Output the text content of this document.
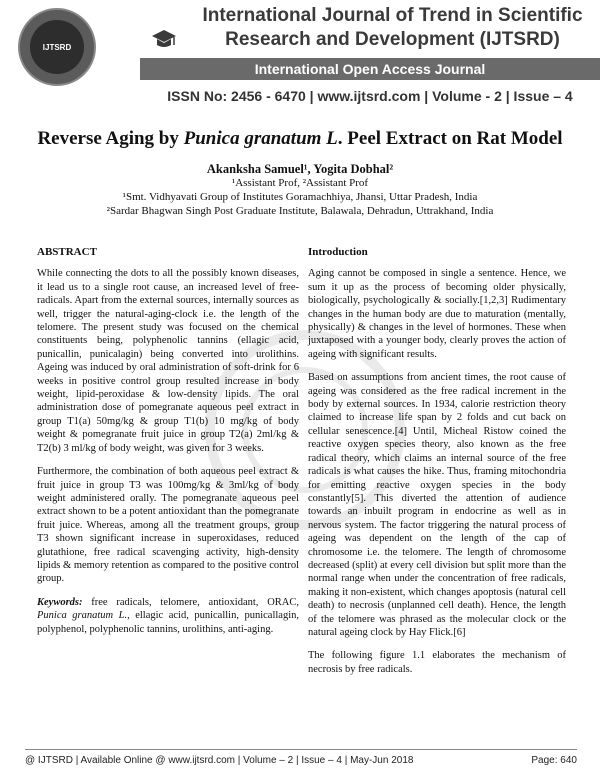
IJTSRD
International Journal of Trend in Scientific Research and Development (IJTSRD)
International Open Access Journal
ISSN No: 2456 - 6470 | www.ijtsrd.com | Volume - 2 | Issue – 4
Reverse Aging by Punica granatum L. Peel Extract on Rat Model
Akanksha Samuel¹, Yogita Dobhal²
¹Assistant Prof, ²Assistant Prof
¹Smt. Vidhyavati Group of Institutes Goramachhiya, Jhansi, Uttar Pradesh, India
²Sardar Bhagwan Singh Post Graduate Institute, Balawala, Dehradun, Uttrakhand, India
ABSTRACT

While connecting the dots to all the possibly known diseases, it lead us to a single root cause, an increased level of free-radicals. Apart from the external sources, internally sources as well, trigger the natural-aging-clock i.e. the length of the telomere. The present study was focused on the chemical constituents being, polyphenolic tannins (ellagic acid, punicallin, punicalagin) being converted into urolithins. Ageing was induced by oral administration of soft-drink for 6 weeks in positive control group resulted increase in body weight, lipid-peroxidase & low-density lipids. The oral administration dose of pomegranate aqueous peel extract in group T1(a) 50mg/kg & group T1(b) 10 mg/kg of body weight & pomegranate fruit juice in group T2(a) 2ml/kg & T2(b) 3 ml/kg of body weight, was given for 3 weeks.

Furthermore, the combination of both aqueous peel extract & fruit juice in group T3 was 100mg/kg & 3ml/kg of body weight administered orally. The pomegranate aqueous peel extract shown to be a potent antioxidant than the pomegranate fruit juice. Whereas, among all the treatment groups, group T3 shown significant increase in superoxidases, reduced glutathione, free radical scavenging activity, high-density lipids & memory retention as compared to the positive control group.

Keywords: free radicals, telomere, antioxidant, ORAC, Punica granatum L., ellagic acid, punicallin, punicallagin, polyphenol, polyphenolic tannins, urolithins, anti-aging.

Introduction

Aging cannot be composed in single a sentence. Hence, we sum it up as the process of becoming older physically, biologically, psychologically & socially.[1,2,3] Rudimentary changes in the human body are due to maturation (mentally, physically) & changes in the level of hormones. These when juxtaposed with a younger body, clearly proves the action of ageing with significant results.

Based on assumptions from ancient times, the root cause of ageing was considered as the free radical increment in the body by external sources. In 1934, calorie restriction theory claimed to increase life span by 2 folds and cut back on cellular senescence.[4] Until, Micheal Ristow coined the reactive oxygen species theory, also known as the free radical theory, which claims an internal source of the free radicals is what causes the hike. Thus, framing mitochondria for emitting reactive oxygen species in the body constantly[5]. This diverted the attention of audience towards an inbuilt program in endocrine as well as in nervous system. The factor triggering the natural process of ageing was dependent on the length of the cap of chromosome i.e. the telomere. The length of chromosome decreased (split) at every cell division but split more than the normal range when under the concentration of free radicals, making it non-existent, which changes apoptosis (natural cell death) to necrosis (unplanned cell death). Hence, the length of the telomere was phrased as the molecular clock or the natural ageing clock by Hay Flick.[6]

The following figure 1.1 elaborates the mechanism of necrosis by free radicals.

@ IJTSRD | Available Online @ www.ijtsrd.com | Volume – 2 | Issue – 4 | May-Jun 2018	Page: 640
